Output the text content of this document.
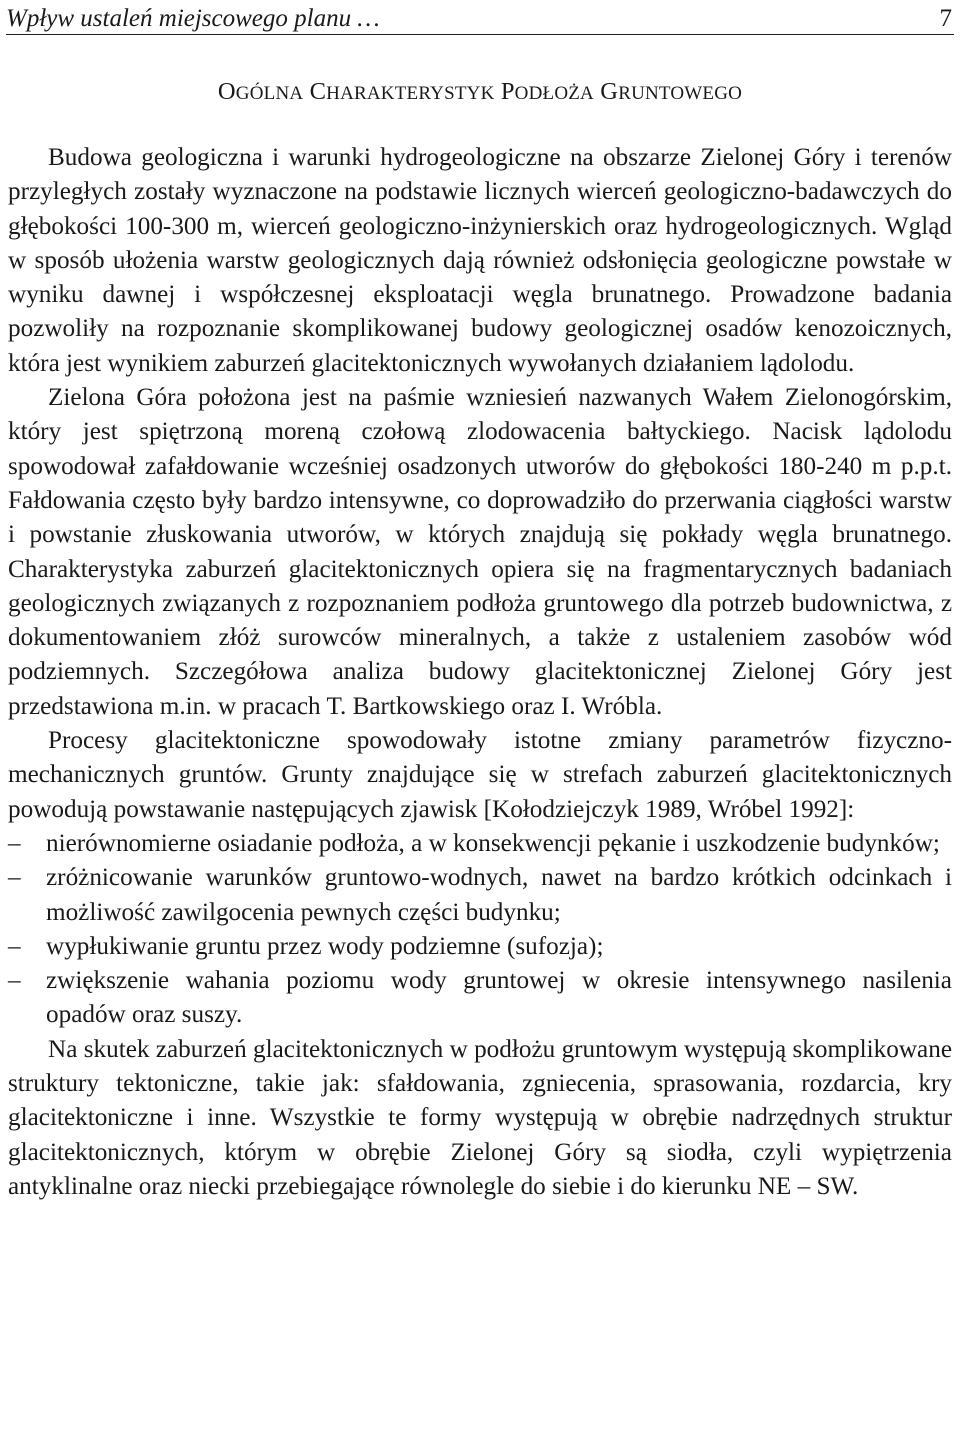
Wpływ ustaleń miejscowego planu …	7
OGÓLNA CHARAKTERYSTYK PODŁOŻA GRUNTOWEGO

Budowa geologiczna i warunki hydrogeologiczne na obszarze Zielonej Góry i terenów przyległych zostały wyznaczone na podstawie licznych wierceń geologiczno-badawczych do głębokości 100-300 m, wierceń geologiczno-inżynierskich oraz hydrogeologicznych. Wgląd w sposób ułożenia warstw geologicznych dają również odsłonięcia geologiczne powstałe w wyniku dawnej i współczesnej eksploatacji węgla brunatnego. Prowadzone badania pozwoliły na rozpoznanie skomplikowanej budowy geologicznej osadów kenozoicznych, która jest wynikiem zaburzeń glacitektonicznych wywołanych działaniem lądolodu.

Zielona Góra położona jest na paśmie wzniesień nazwanych Wałem Zielonogórskim, który jest spiętrzoną moreną czołową zlodowacenia bałtyckiego. Nacisk lądolodu spowodował zafałdowanie wcześniej osadzonych utworów do głębokości 180-240 m p.p.t. Fałdowania często były bardzo intensywne, co doprowadziło do przerwania ciągłości warstw i powstanie złuskowania utworów, w których znajdują się pokłady węgla brunatnego. Charakterystyka zaburzeń glacitektonicznych opiera się na fragmentarycznych badaniach geologicznych związanych z rozpoznaniem podłoża gruntowego dla potrzeb budownictwa, z dokumentowaniem złóż surowców mineralnych, a także z ustaleniem zasobów wód podziemnych. Szczegółowa analiza budowy glacitektonicznej Zielonej Góry jest przedstawiona m.in. w pracach T. Bartkowskiego oraz I. Wróbla.

Procesy glacitektoniczne spowodowały istotne zmiany parametrów fizyczno-mechanicznych gruntów. Grunty znajdujące się w strefach zaburzeń glacitektonicznych powodują powstawanie następujących zjawisk [Kołodziejczyk 1989, Wróbel 1992]:

– nierównomierne osiadanie podłoża, a w konsekwencji pękanie i uszkodzenie budynków;
– zróżnicowanie warunków gruntowo-wodnych, nawet na bardzo krótkich odcinkach i możliwość zawilgocenia pewnych części budynku;
– wypłukiwanie gruntu przez wody podziemne (sufozja);
– zwiększenie wahania poziomu wody gruntowej w okresie intensywnego nasilenia opadów oraz suszy.

Na skutek zaburzeń glacitektonicznych w podłożu gruntowym występują skomplikowane struktury tektoniczne, takie jak: sfałdowania, zgniecenia, sprasowania, rozdarcia, kry glacitektoniczne i inne. Wszystkie te formy występują w obrębie nadrzędnych struktur glacitektonicznych, którym w obrębie Zielonej Góry są siodła, czyli wypiętrzenia antyklinalne oraz niecki przebiegające równolegle do siebie i do kierunku NE – SW.
